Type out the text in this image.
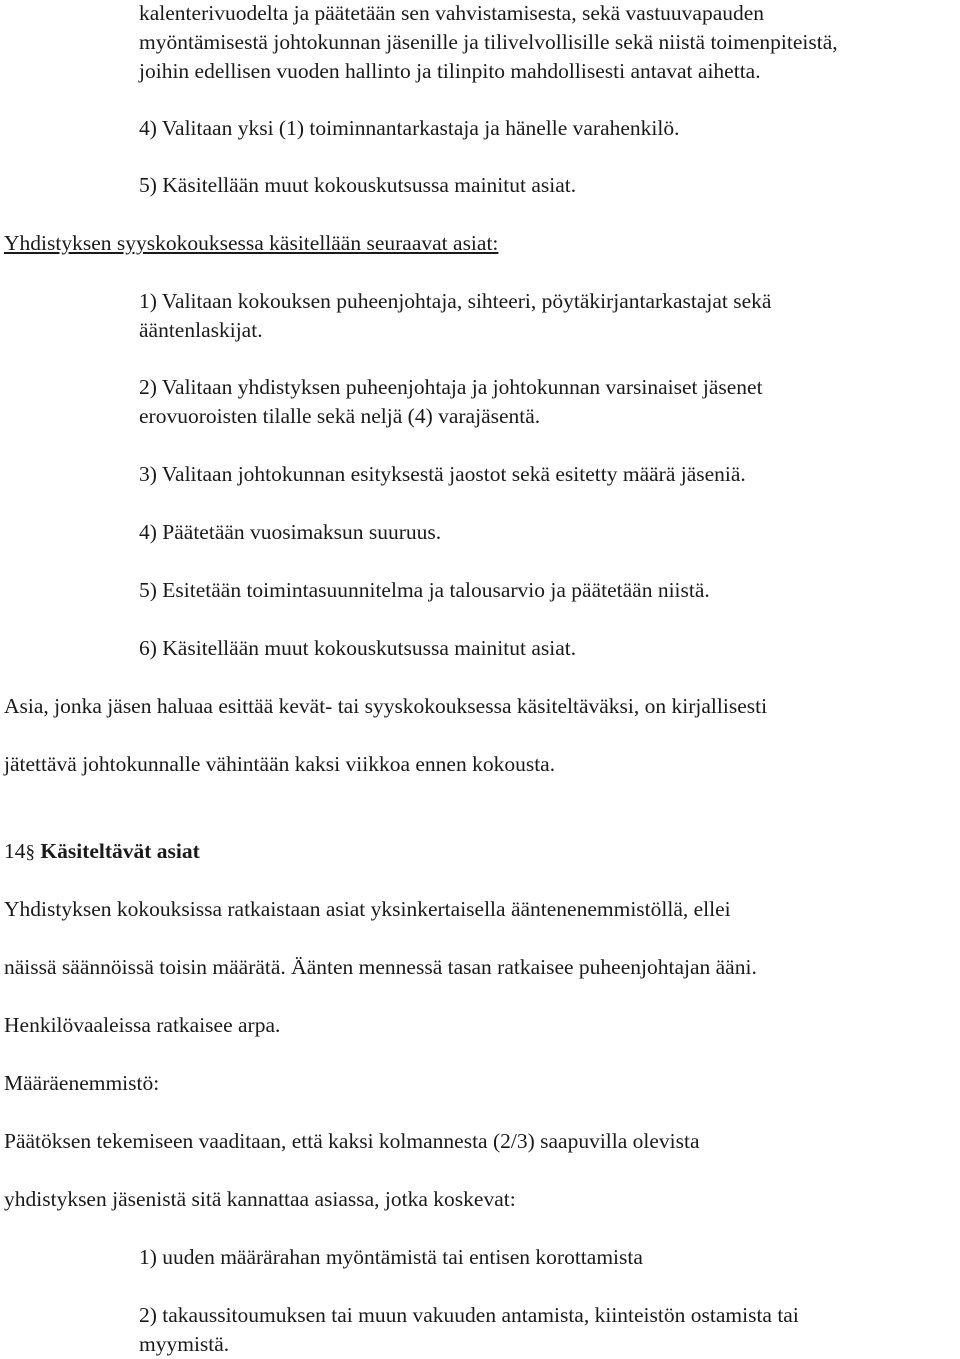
kalenterivuodelta ja päätetään sen vahvistamisesta, sekä vastuuvapauden
myöntämisestä johtokunnan jäsenille ja tilivelvollisille sekä niistä toimenpiteistä,
joihin edellisen vuoden hallinto ja tilinpito mahdollisesti antavat aihetta.
4) Valitaan yksi (1) toiminnantarkastaja ja hänelle varahenkilö.
5) Käsitellään muut kokouskutsussa mainitut asiat.
Yhdistyksen syyskokouksessa käsitellään seuraavat asiat:
1) Valitaan kokouksen puheenjohtaja, sihteeri, pöytäkirjantarkastajat sekä
ääntenlaskijat.
2) Valitaan yhdistyksen puheenjohtaja ja johtokunnan varsinaiset jäsenet
erovuoroisten tilalle sekä neljä (4) varajäsentä.
3) Valitaan johtokunnan esityksestä jaostot sekä esitetty määrä jäseniä.
4) Päätetään vuosimaksun suuruus.
5) Esitetään toimintasuunnitelma ja talousarvio ja päätetään niistä.
6) Käsitellään muut kokouskutsussa mainitut asiat.
Asia, jonka jäsen haluaa esittää kevät- tai syyskokouksessa käsiteltäväksi, on kirjallisesti
jätettävä johtokunnalle vähintään kaksi viikkoa ennen kokousta.
14§ Käsiteltävät asiat
Yhdistyksen kokouksissa ratkaistaan asiat yksinkertaisella ääntenenemmistöllä, ellei
näissä säännöissä toisin määrätä. Äänten mennessä tasan ratkaisee puheenjohtajan ääni.
Henkilövaaleissa ratkaisee arpa.
Määräenemmistö:
Päätöksen tekemiseen vaaditaan, että kaksi kolmannesta (2/3) saapuvilla olevista
yhdistyksen jäsenistä sitä kannattaa asiassa, jotka koskevat:
1) uuden määrärahan myöntämistä tai entisen korottamista
2) takaussitoumuksen tai muun vakuuden antamista, kiinteistön ostamista tai
myymistä.
